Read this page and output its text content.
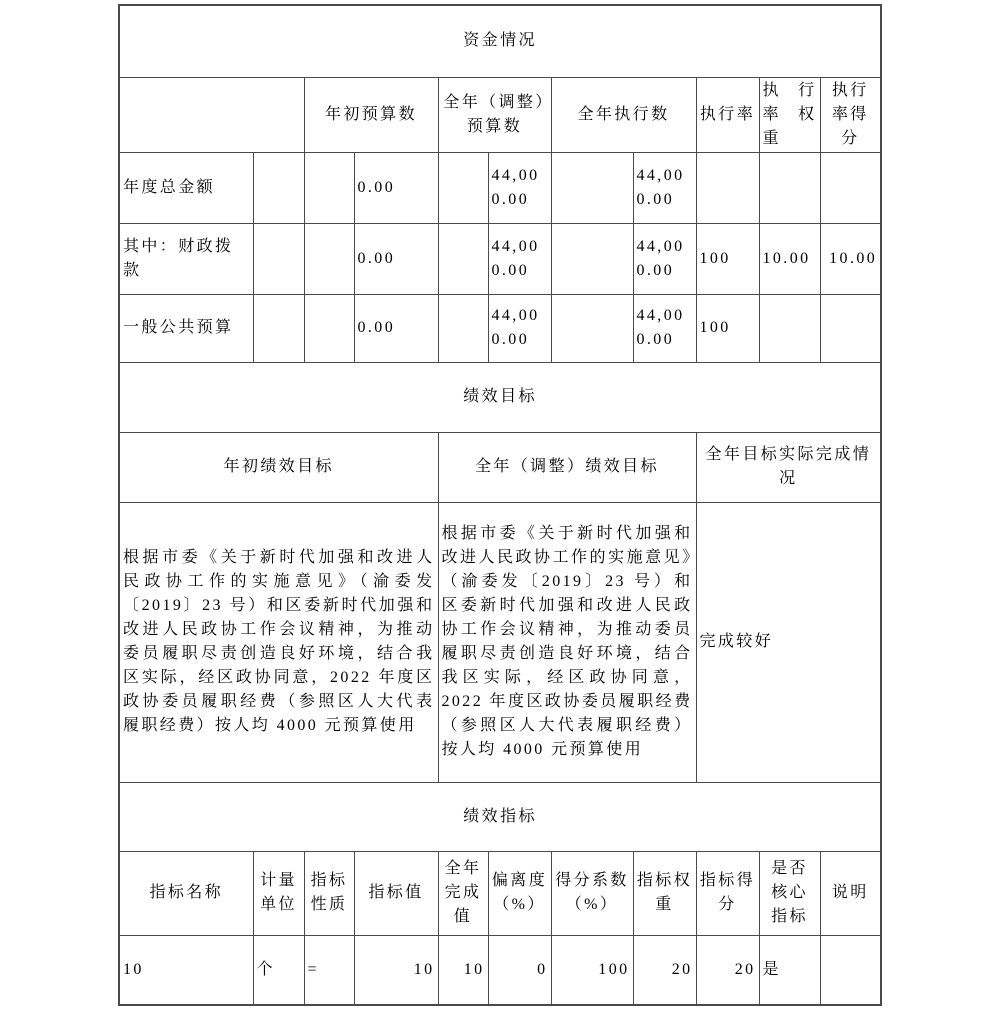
资金情况										
		年初预算数		全年（调整）预算数		全年执行数		执行率	执行率权重	执行率得分
年度总金额			0.00		44,000.00		44,000.00			
其中：财政拨款			0.00		44,000.00		44,000.00	100	10.00	10.00
一般公共预算			0.00		44,000.00		44,000.00	100		
绩效目标										
年初绩效目标				全年（调整）绩效目标				全年目标实际完成情况		
根据市委《关于新时代加强和改进人民政协工作的实施意见》（渝委发〔2019〕23 号）和区委新时代加强和改进人民政协工作会议精神，为推动委员履职尽责创造良好环境，结合我区实际，经区政协同意，2022 年度区政协委员履职经费（参照区人大代表履职经费）按人均 4000 元预算使用				根据市委《关于新时代加强和改进人民政协工作的实施意见》（渝委发〔2019〕23 号）和区委新时代加强和改进人民政协工作会议精神，为推动委员履职尽责创造良好环境，结合我区实际，经区政协同意，2022 年度区政协委员履职经费（参照区人大代表履职经费）按人均 4000 元预算使用				完成较好		
绩效指标										
指标名称	计量单位	指标性质	指标值	全年完成值	偏离度（%）	得分系数（%）	指标权重	指标得分	是否核心指标	说明
10	个	=	10	10	0	100	20	20	是	
